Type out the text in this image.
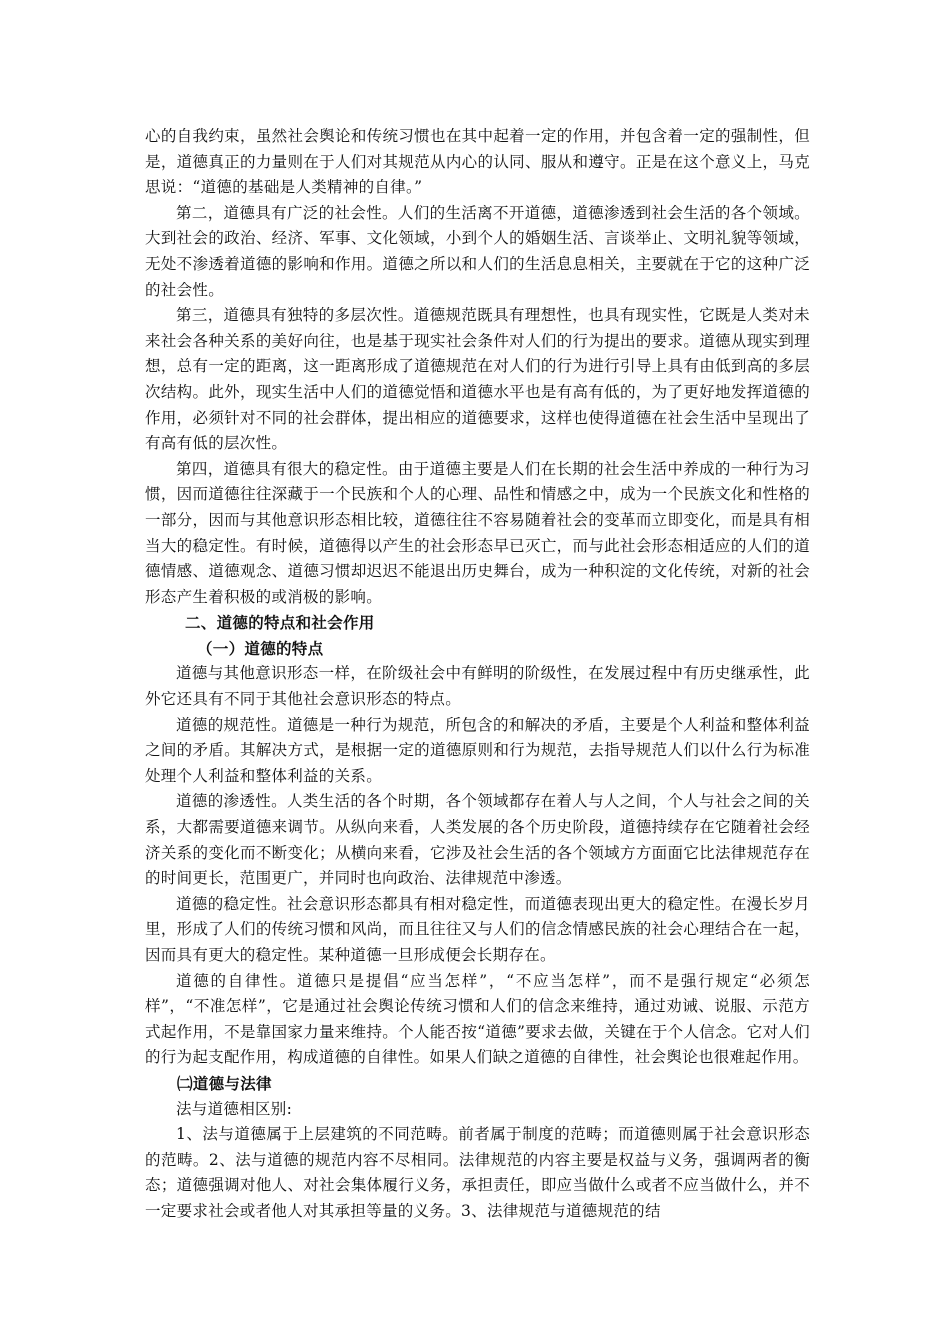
心的自我约束，虽然社会舆论和传统习惯也在其中起着一定的作用，并包含着一定的强制性，但是，道德真正的力量则在于人们对其规范从内心的认同、服从和遵守。正是在这个意义上，马克思说：“道德的基础是人类精神的自律。”

第二，道德具有广泛的社会性。人们的生活离不开道德，道德渗透到社会生活的各个领域。大到社会的政治、经济、军事、文化领域，小到个人的婚姻生活、言谈举止、文明礼貌等领域，无处不渗透着道德的影响和作用。道德之所以和人们的生活息息相关，主要就在于它的这种广泛的社会性。

第三，道德具有独特的多层次性。道德规范既具有理想性，也具有现实性，它既是人类对未来社会各种关系的美好向往，也是基于现实社会条件对人们的行为提出的要求。道德从现实到理想，总有一定的距离，这一距离形成了道德规范在对人们的行为进行引导上具有由低到高的多层次结构。此外，现实生活中人们的道德觉悟和道德水平也是有高有低的，为了更好地发挥道德的作用，必须针对不同的社会群体，提出相应的道德要求，这样也使得道德在社会生活中呈现出了有高有低的层次性。

第四，道德具有很大的稳定性。由于道德主要是人们在长期的社会生活中养成的一种行为习惯，因而道德往往深藏于一个民族和个人的心理、品性和情感之中，成为一个民族文化和性格的一部分，因而与其他意识形态相比较，道德往往不容易随着社会的变革而立即变化，而是具有相当大的稳定性。有时候，道德得以产生的社会形态早已灭亡，而与此社会形态相适应的人们的道德情感、道德观念、道德习惯却迟迟不能退出历史舞台，成为一种积淀的文化传统，对新的社会形态产生着积极的或消极的影响。

二、道德的特点和社会作用

（一）道德的特点

道德与其他意识形态一样，在阶级社会中有鲜明的阶级性，在发展过程中有历史继承性，此外它还具有不同于其他社会意识形态的特点。

道德的规范性。道德是一种行为规范，所包含的和解决的矛盾，主要是个人利益和整体利益之间的矛盾。其解决方式，是根据一定的道德原则和行为规范，去指导规范人们以什么行为标准处理个人利益和整体利益的关系。

道德的渗透性。人类生活的各个时期，各个领域都存在着人与人之间，个人与社会之间的关系，大都需要道德来调节。从纵向来看，人类发展的各个历史阶段，道德持续存在它随着社会经济关系的变化而不断变化；从横向来看，它涉及社会生活的各个领域方方面面它比法律规范存在的时间更长，范围更广，并同时也向政治、法律规范中渗透。

道德的稳定性。社会意识形态都具有相对稳定性，而道德表现出更大的稳定性。在漫长岁月里，形成了人们的传统习惯和风尚，而且往往又与人们的信念情感民族的社会心理结合在一起，因而具有更大的稳定性。某种道德一旦形成便会长期存在。

道德的自律性。道德只是提倡“应当怎样”，“不应当怎样”，而不是强行规定“必须怎样”，“不准怎样”，它是通过社会舆论传统习惯和人们的信念来维持，通过劝诫、说服、示范方式起作用，不是靠国家力量来维持。个人能否按“道德”要求去做，关键在于个人信念。它对人们的行为起支配作用，构成道德的自律性。如果人们缺之道德的自律性，社会舆论也很难起作用。

㈡道德与法律

法与道德相区别:

1、法与道德属于上层建筑的不同范畴。前者属于制度的范畴；而道德则属于社会意识形态的范畴。2、法与道德的规范内容不尽相同。法律规范的内容主要是权益与义务，强调两者的衡态；道德强调对他人、对社会集体履行义务，承担责任，即应当做什么或者不应当做什么，并不一定要求社会或者他人对其承担等量的义务。3、法律规范与道德规范的结
